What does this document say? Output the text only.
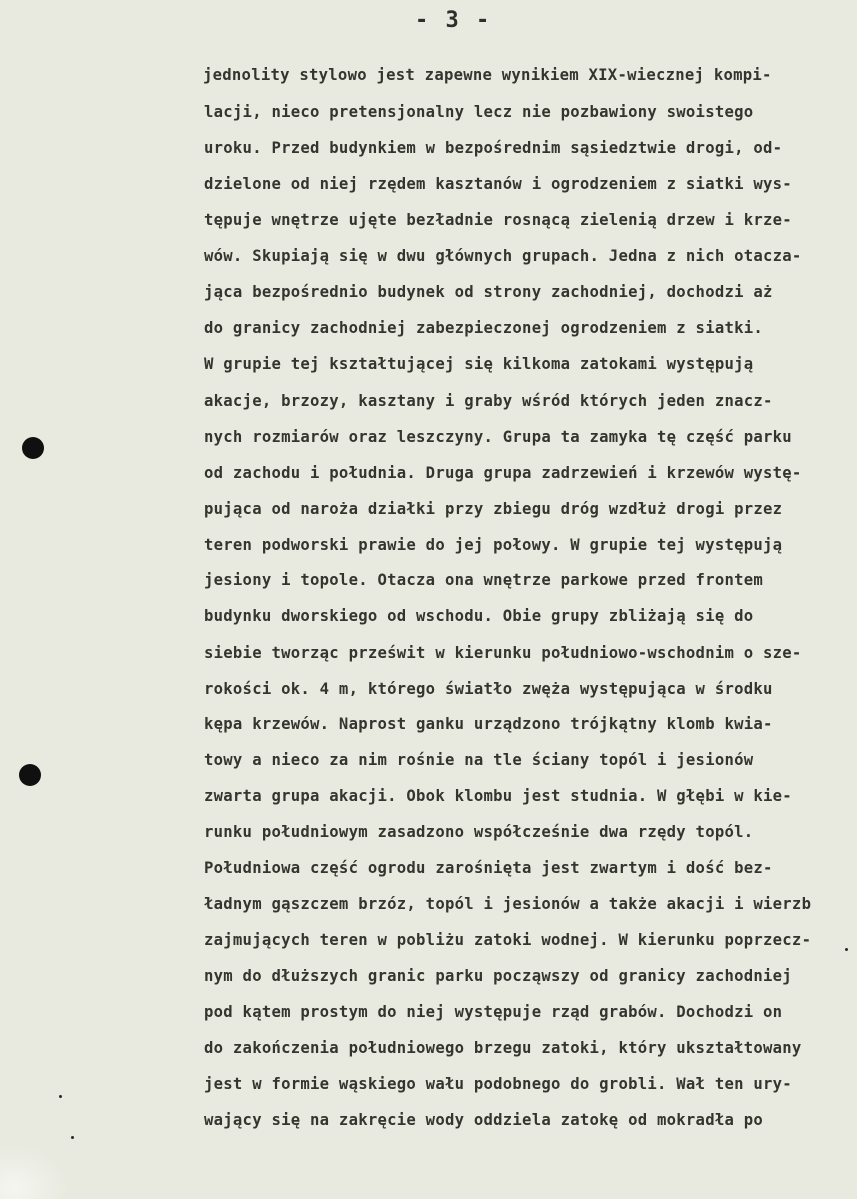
- 3 -
jednolity stylowo jest zapewne wynikiem XIX-wiecznej kompi-
lacji, nieco pretensjonalny lecz nie pozbawiony swoistego
uroku. Przed budynkiem w bezpośrednim sąsiedztwie drogi, od-
dzielone od niej rzędem kasztanów i ogrodzeniem z siatki wys-
tępuje wnętrze ujęte bezładnie rosnącą zielenią drzew i krze-
wów. Skupiają się w dwu głównych grupach. Jedna z nich otacza-
jąca bezpośrednio budynek od strony zachodniej, dochodzi aż
do granicy zachodniej zabezpieczonej ogrodzeniem z siatki.
W grupie tej kształtującej się kilkoma zatokami występują
akacje, brzozy, kasztany i graby wśród których jeden znacz-
nych rozmiarów oraz leszczyny. Grupa ta zamyka tę część parku
od zachodu i południa. Druga grupa zadrzewień i krzewów wystę-
pująca od naroża działki przy zbiegu dróg wzdłuż drogi przez
teren podworski prawie do jej połowy. W grupie tej występują
jesiony i topole. Otacza ona wnętrze parkowe przed frontem
budynku dworskiego od wschodu. Obie grupy zbliżają się do
siebie tworząc prześwit w kierunku południowo-wschodnim o sze-
rokości ok. 4 m, którego światło zwęża występująca w środku
kępa krzewów. Naprost ganku urządzono trójkątny klomb kwia-
towy a nieco za nim rośnie na tle ściany topól i jesionów
zwarta grupa akacji. Obok klombu jest studnia. W głębi w kie-
runku południowym zasadzono współcześnie dwa rzędy topól.
Południowa część ogrodu zarośnięta jest zwartym i dość bez-
ładnym gąszczem brzóz, topól i jesionów a także akacji i wierzb
zajmujących teren w pobliżu zatoki wodnej. W kierunku poprzecz-
nym do dłuższych granic parku począwszy od granicy zachodniej
pod kątem prostym do niej występuje rząd grabów. Dochodzi on
do zakończenia południowego brzegu zatoki, który ukształtowany
jest w formie wąskiego wału podobnego do grobli. Wał ten ury-
wający się na zakręcie wody oddziela zatokę od mokradła po
